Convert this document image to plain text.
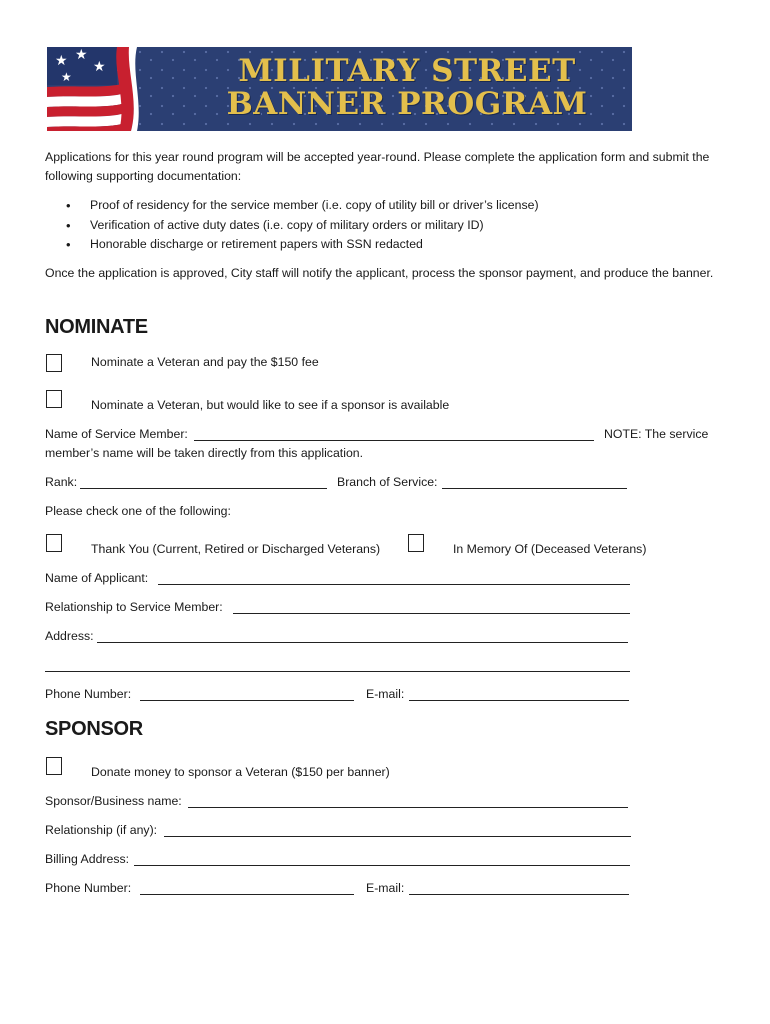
★ ★
★
★	MILITARY STREET
BANNER PROGRAM
Applications for this year round program will be accepted year-round. Please complete the application form and submit the following supporting documentation:
• Proof of residency for the service member (i.e. copy of utility bill or driver’s license)
• Verification of active duty dates (i.e. copy of military orders or military ID)
• Honorable discharge or retirement papers with SSN redacted
Once the application is approved, City staff will notify the applicant, process the sponsor payment, and produce the banner.
NOMINATE
Nominate a Veteran and pay the $150 fee
Nominate a Veteran, but would like to see if a sponsor is available
Name of Service Member:	NOTE: The service
member’s name will be taken directly from this application.
Rank:	Branch of Service:
Please check one of the following:
Thank You (Current, Retired or Discharged Veterans)	In Memory Of (Deceased Veterans)
Name of Applicant:
Relationship to Service Member:
Address:
Phone Number:	E-mail:
SPONSOR
Donate money to sponsor a Veteran ($150 per banner)
Sponsor/Business name:
Relationship (if any):
Billing Address:
Phone Number:	E-mail:
